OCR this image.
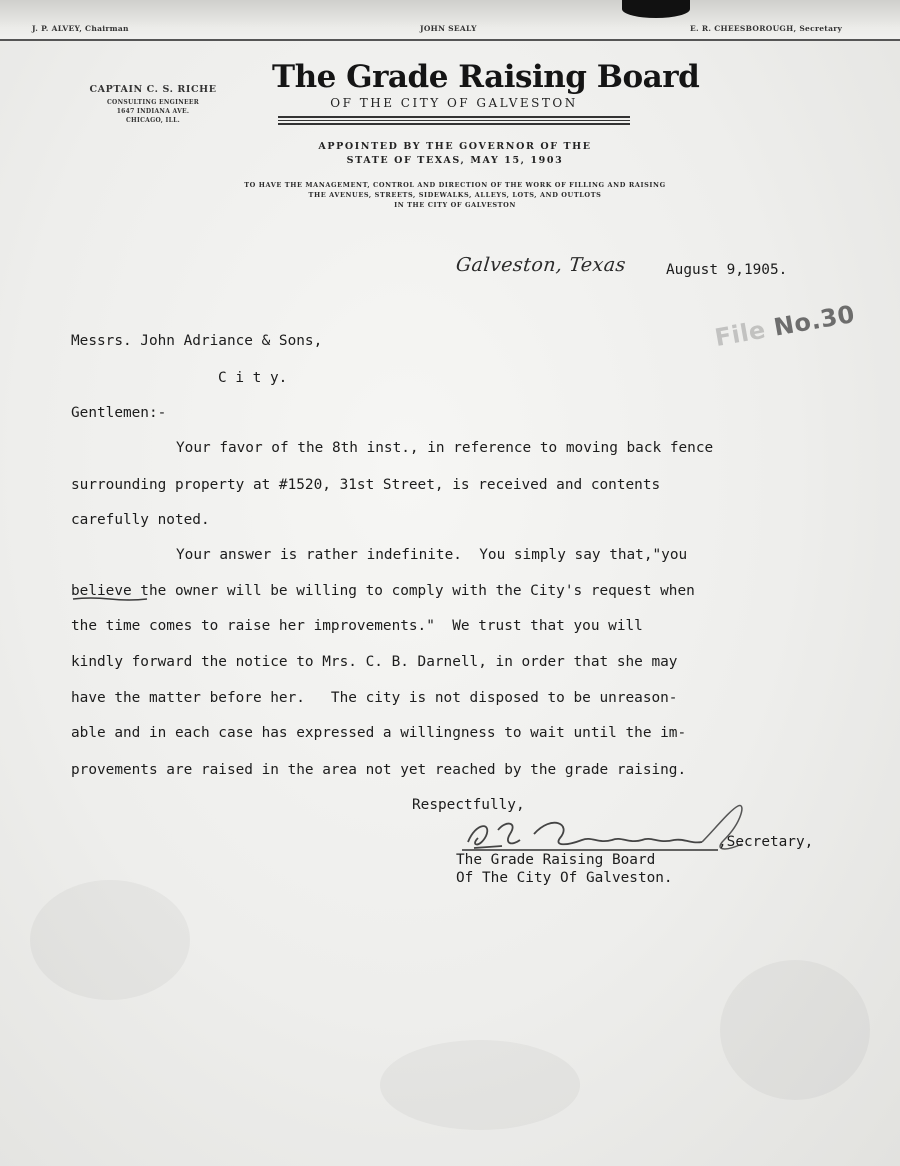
J. P. ALVEY, Chairman	JOHN SEALY	E. R. CHEESBOROUGH, Secretary
CAPTAIN C. S. RICHE
CONSULTING ENGINEER
1647 INDIANA AVE.
CHICAGO, ILL.
The Grade Raising Board
OF THE CITY OF GALVESTON
APPOINTED BY THE GOVERNOR OF THE
STATE OF TEXAS, MAY 15, 1903
TO HAVE THE MANAGEMENT, CONTROL AND DIRECTION OF THE WORK OF FILLING AND RAISING
THE AVENUES, STREETS, SIDEWALKS, ALLEYS, LOTS, AND OUTLOTS
IN THE CITY OF GALVESTON
Galveston, Texas	August 9,1905.
File No.30
Messrs. John Adriance & Sons,
C i t y.
Gentlemen:-
Your favor of the 8th inst., in reference to moving back fence
surrounding property at #1520, 31st Street, is received and contents
carefully noted.
Your answer is rather indefinite.  You simply say that,"you
believe the owner will be willing to comply with the City's request when
the time comes to raise her improvements."  We trust that you will
kindly forward the notice to Mrs. C. B. Darnell, in order that she may
have the matter before her.   The city is not disposed to be unreason-
able and in each case has expressed a willingness to wait until the im-
provements are raised in the area not yet reached by the grade raising.
Respectfully,
,Secretary,
The Grade Raising Board
Of The City Of Galveston.
